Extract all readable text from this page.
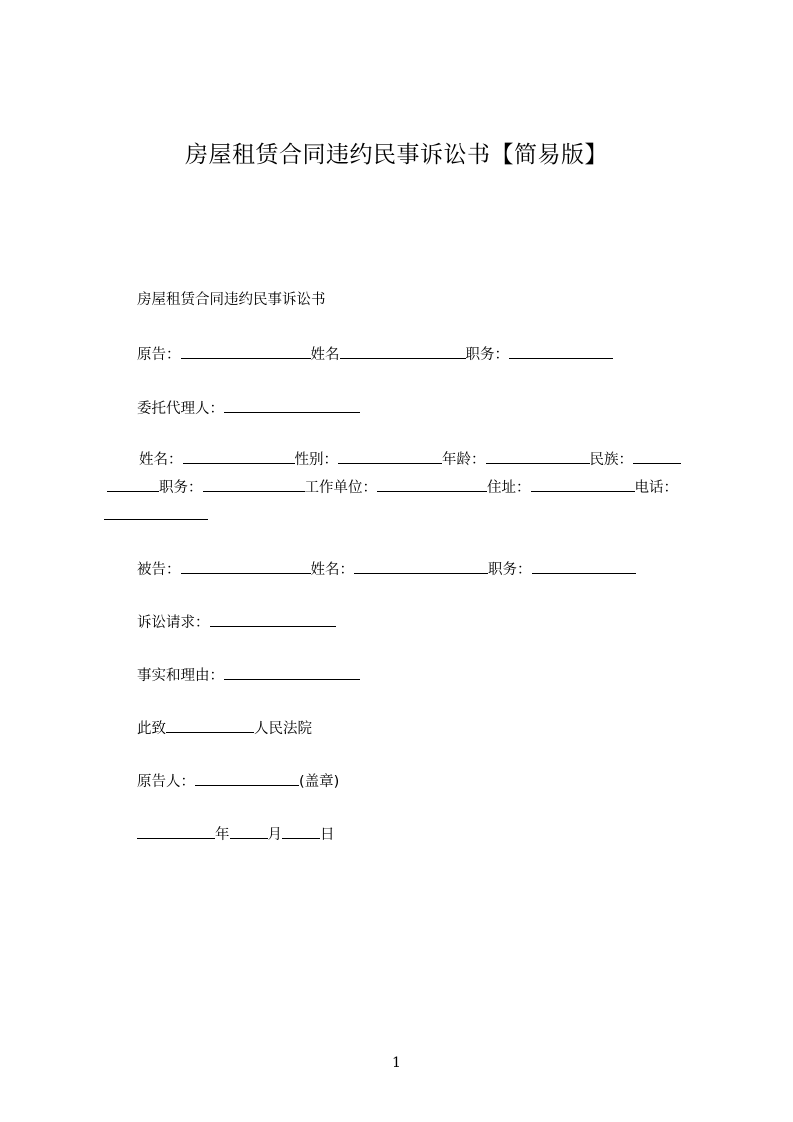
房屋租赁合同违约民事诉讼书【简易版】
房屋租赁合同违约民事诉讼书
原告：	姓名	职务：
委托代理人：
姓名：	性别：	年龄：	民族：
职务：	工作单位：	住址：	电话：
被告：	姓名：	职务：
诉讼请求：
事实和理由：
此致	人民法院
原告人：	(盖章)
年	月	日
1
